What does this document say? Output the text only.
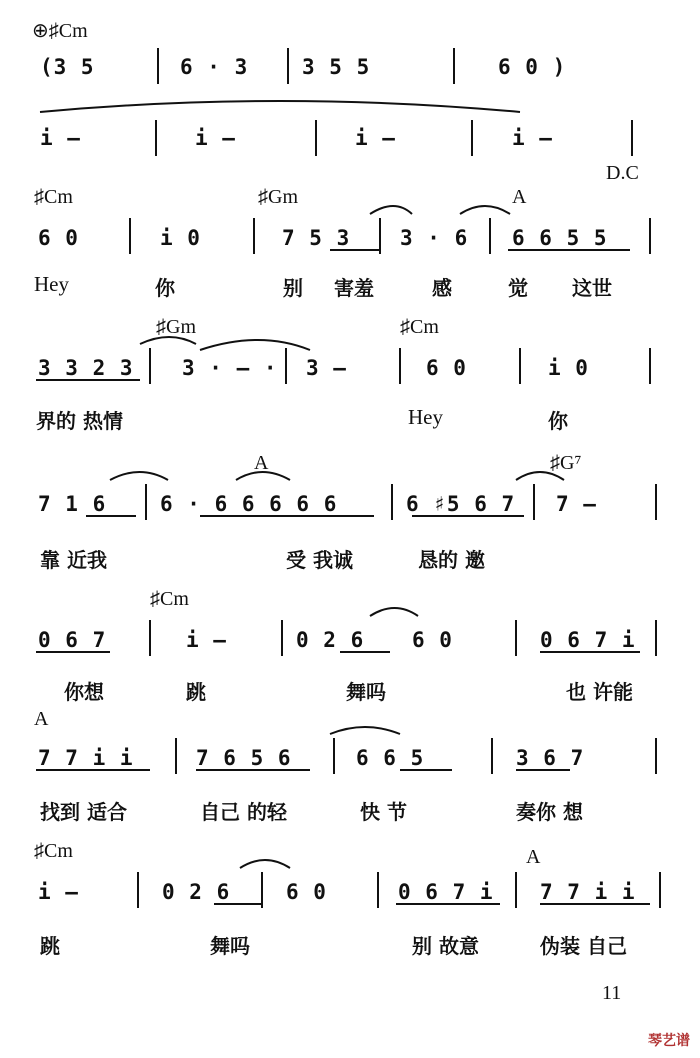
⊕♯Cm
(3 5	6 · 3	3 5 5	6 0 )
i –	i –	i –	i –
D.C
♯Cm	♯Gm	A
6 0	i 0	7 5 3 3 · 6 6 6 5 5
Hey	你	别 害羞	感	觉 这世
♯Gm	♯Cm
3 3 2 3 3 · – · 3 –	6 0	i 0
界的 热情	Hey	你
A	♯G⁷
7 1 6	6 · 6 6 6 6 6	6 ♯5 6 7 7 –
靠 近我	受 我诚	恳的 邀
♯Cm
0 6 7	i –	0 2 6 6 0	0 6 7 i
你想	跳	舞吗	也 许能
A
7 7 i i	7 6 5 6	6 6 5	3 6 7
找到 适合	自己 的轻	快 节	奏你 想
♯Cm	A
i –	0 2 6	6 0	0 6 7 i 7 7 i i
跳	舞吗	别 故意	伪装 自己
11
琴艺谱
